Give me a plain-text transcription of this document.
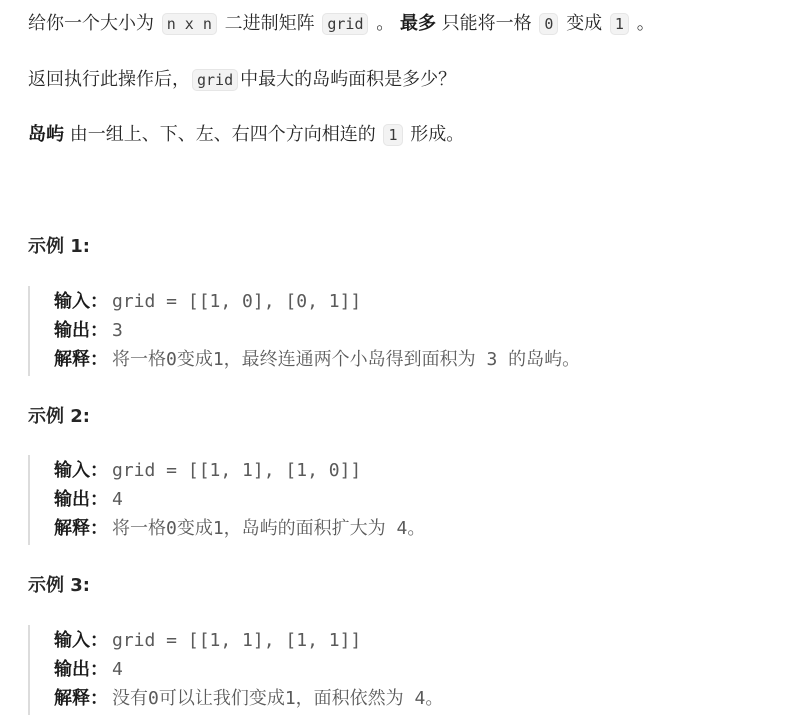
给你一个大小为 n x n 二进制矩阵 grid 。 最多 只能将一格 0 变成 1 。

返回执行此操作后， grid 中最大的岛屿面积是多少？

岛屿 由一组上、下、左、右四个方向相连的 1 形成。

示例 1:

输入： grid = [[1, 0], [0, 1]]
输出： 3
解释： 将一格0变成1，最终连通两个小岛得到面积为 3 的岛屿。

示例 2:

输入： grid = [[1, 1], [1, 0]]
输出： 4
解释： 将一格0变成1，岛屿的面积扩大为 4。

示例 3:

输入： grid = [[1, 1], [1, 1]]
输出： 4
解释： 没有0可以让我们变成1，面积依然为 4。
